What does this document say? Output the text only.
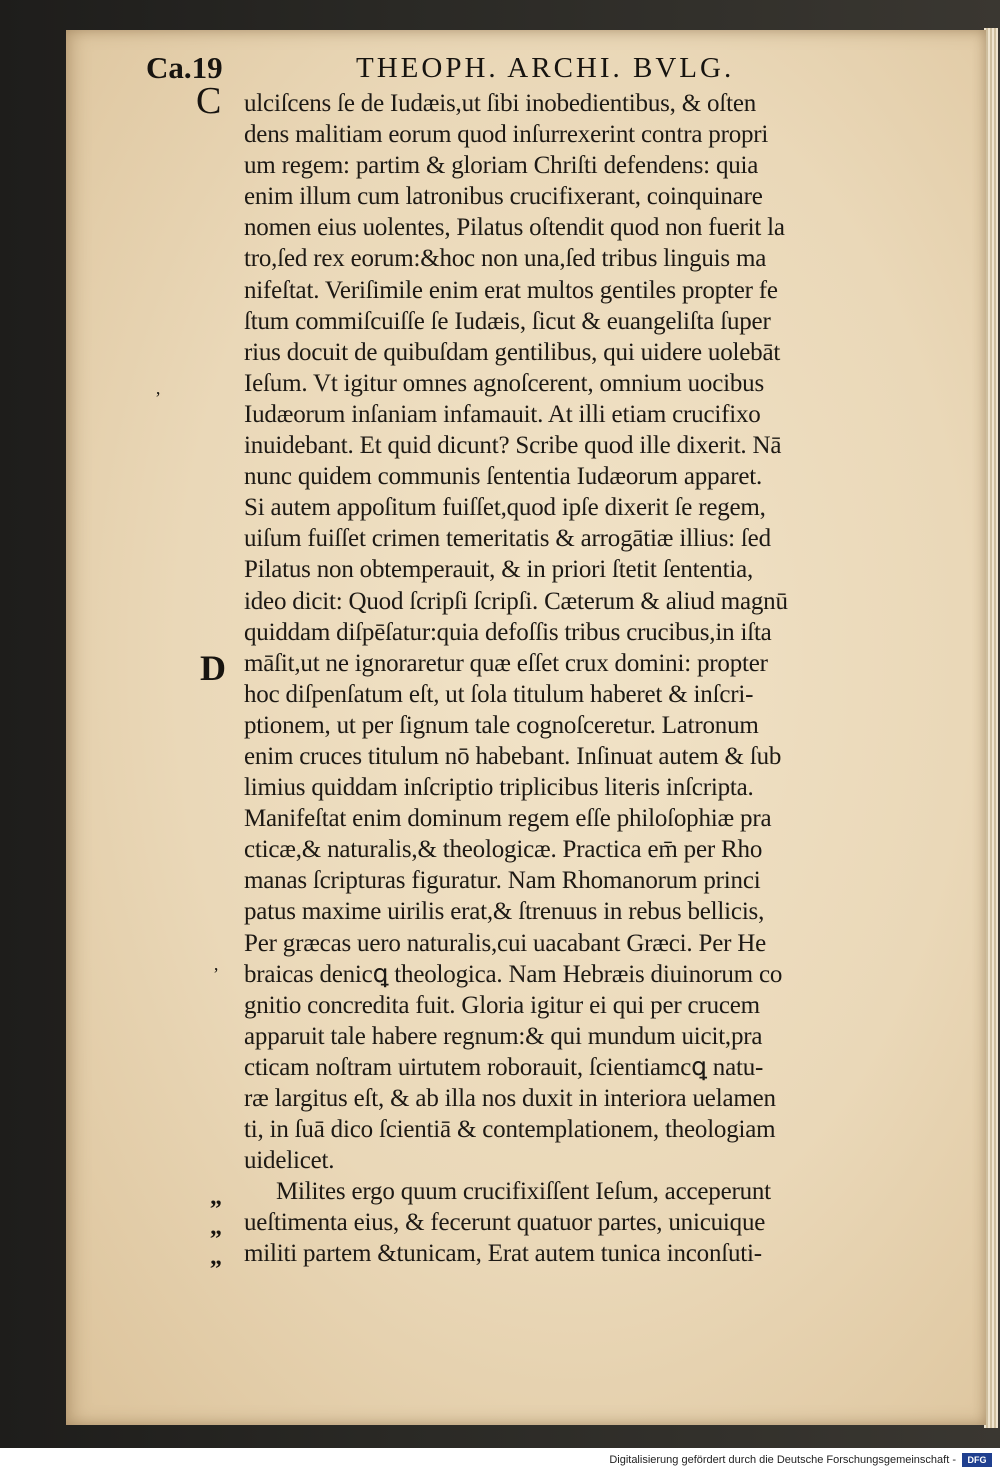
Ca.19	THEOPH. ARCHI. BVLG.
C
D
ʼ
ʼ
„
„
„
ulciſcens ſe de Iudæis,ut ſibi inobedientibus, & oſten
dens malitiam eorum quod inſurrexerint contra propri
um regem: partim & gloriam Chriſti defendens: quia
enim illum cum latronibus crucifixerant, coinquinare
nomen eius uolentes, Pilatus oſtendit quod non fuerit la
tro,ſed rex eorum:&hoc non una,ſed tribus linguis ma
nifeſtat. Veriſimile enim erat multos gentiles propter fe
ſtum commiſcuiſſe ſe Iudæis, ſicut & euangeliſta ſuper
rius docuit de quibuſdam gentilibus, qui uidere uolebāt
Ieſum. Vt igitur omnes agnoſcerent, omnium uocibus
Iudæorum inſaniam infamauit. At illi etiam crucifixo
inuidebant. Et quid dicunt? Scribe quod ille dixerit. Nā
nunc quidem communis ſententia Iudæorum apparet.
Si autem appoſitum fuiſſet,quod ipſe dixerit ſe regem,
uiſum fuiſſet crimen temeritatis & arrogātiæ illius: ſed
Pilatus non obtemperauit, & in priori ſtetit ſententia,
ideo dicit: Quod ſcripſi ſcripſi. Cæterum & aliud magnū
quiddam diſpēſatur:quia defoſſis tribus crucibus,in iſta
māſit,ut ne ignoraretur quæ eſſet crux domini: propter
hoc diſpenſatum eſt, ut ſola titulum haberet & inſcri-
ptionem, ut per ſignum tale cognoſceretur. Latronum
enim cruces titulum nō habebant. Inſinuat autem & ſub
limius quiddam inſcriptio triplicibus literis inſcripta.
Manifeſtat enim dominum regem eſſe philoſophiæ pra
cticæ,& naturalis,& theologicæ. Practica em̄ per Rho
manas ſcripturas figuratur. Nam Rhomanorum princi
patus maxime uirilis erat,& ſtrenuus in rebus bellicis,
Per græcas uero naturalis,cui uacabant Græci. Per He
braicas denicꝗ theologica. Nam Hebræis diuinorum co
gnitio concredita fuit. Gloria igitur ei qui per crucem
apparuit tale habere regnum:& qui mundum uicit,pra
cticam noſtram uirtutem roborauit, ſcientiamcꝗ natu-
ræ largitus eſt, & ab illa nos duxit in interiora uelamen
ti, in ſuā dico ſcientiā & contemplationem, theologiam
uidelicet.
Milites ergo quum crucifixiſſent Ieſum, acceperunt
ueſtimenta eius, & fecerunt quatuor partes, unicuique
militi partem &tunicam, Erat autem tunica inconſuti-
Digitalisierung gefördert durch die Deutsche Forschungsgemeinschaft -	DFG
